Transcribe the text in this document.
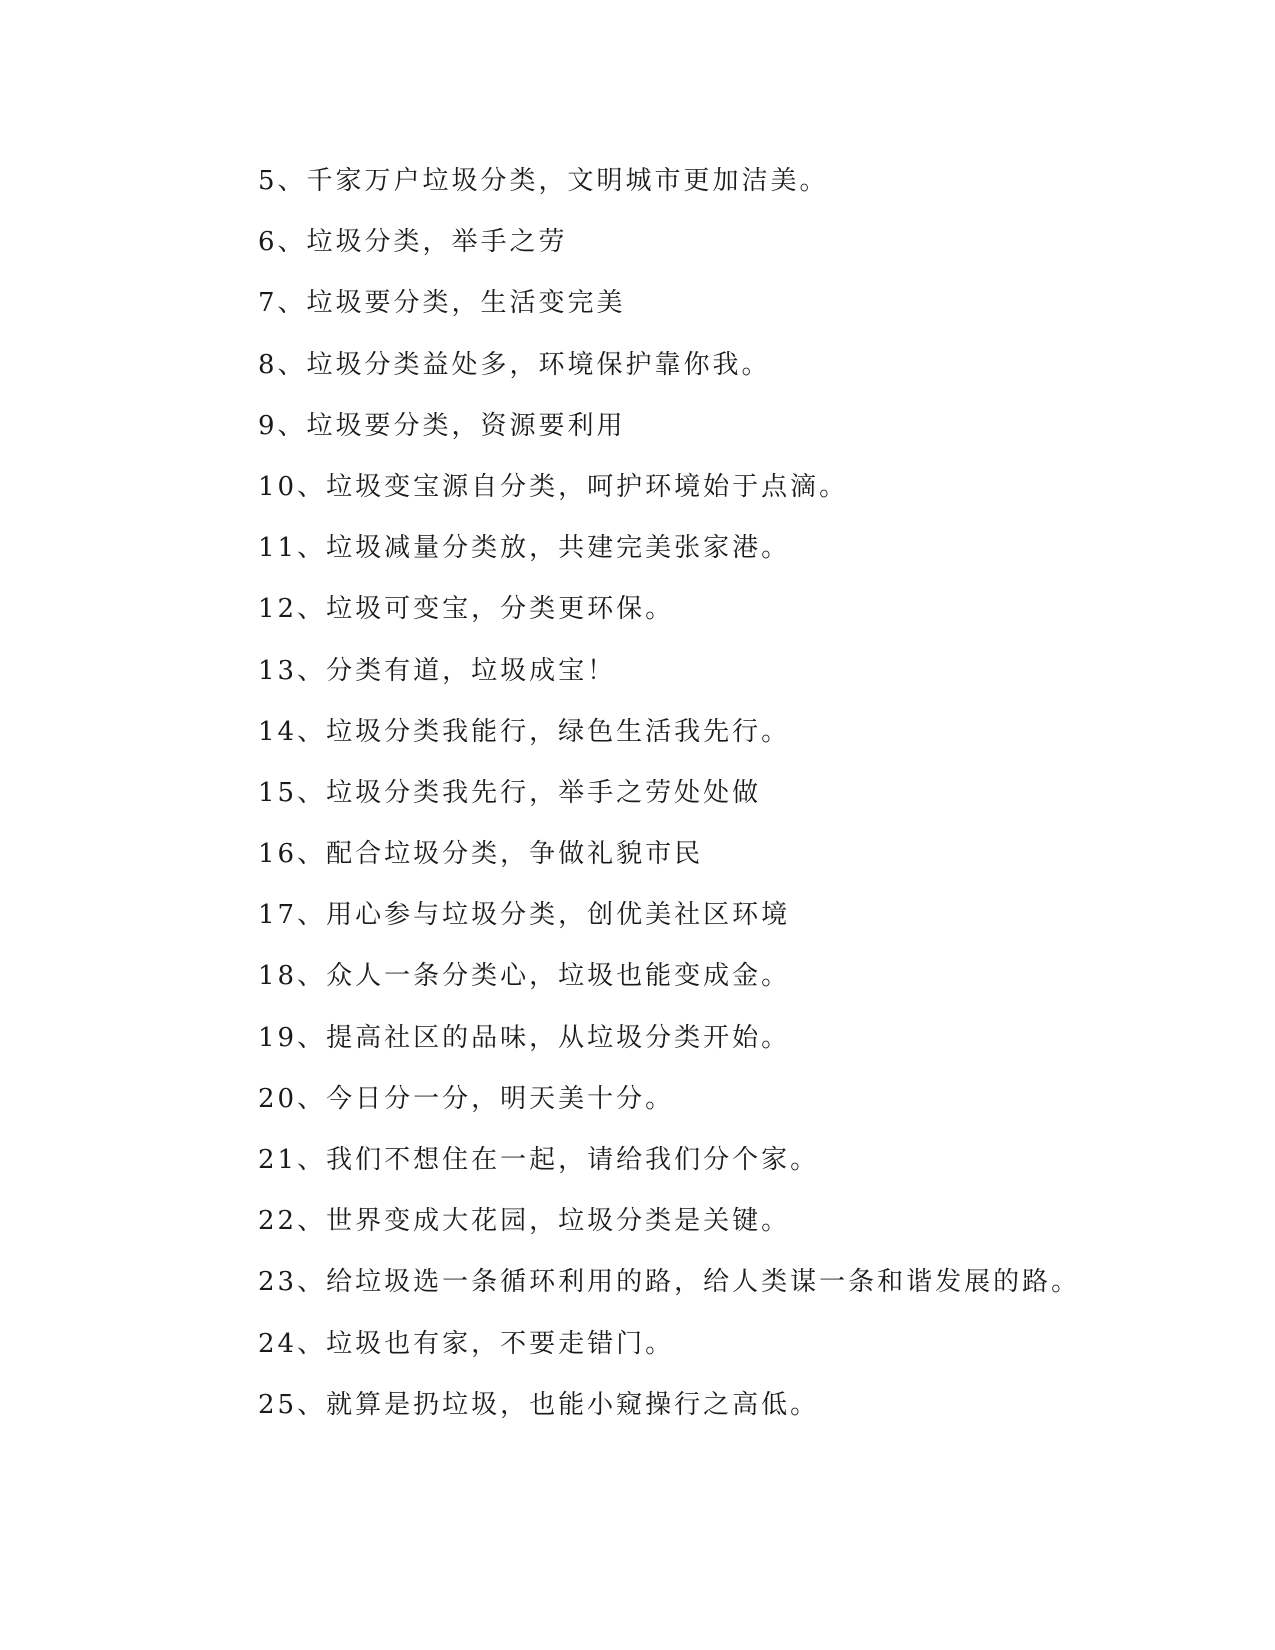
5、千家万户垃圾分类，文明城市更加洁美。
6、垃圾分类，举手之劳
7、垃圾要分类，生活变完美
8、垃圾分类益处多，环境保护靠你我。
9、垃圾要分类，资源要利用
10、垃圾变宝源自分类，呵护环境始于点滴。
11、垃圾减量分类放，共建完美张家港。
12、垃圾可变宝，分类更环保。
13、分类有道，垃圾成宝！
14、垃圾分类我能行，绿色生活我先行。
15、垃圾分类我先行，举手之劳处处做
16、配合垃圾分类，争做礼貌市民
17、用心参与垃圾分类，创优美社区环境
18、众人一条分类心，垃圾也能变成金。
19、提高社区的品味，从垃圾分类开始。
20、今日分一分，明天美十分。
21、我们不想住在一起，请给我们分个家。
22、世界变成大花园，垃圾分类是关键。
23、给垃圾选一条循环利用的路，给人类谋一条和谐发展的路。
24、垃圾也有家，不要走错门。
25、就算是扔垃圾，也能小窥操行之高低。
